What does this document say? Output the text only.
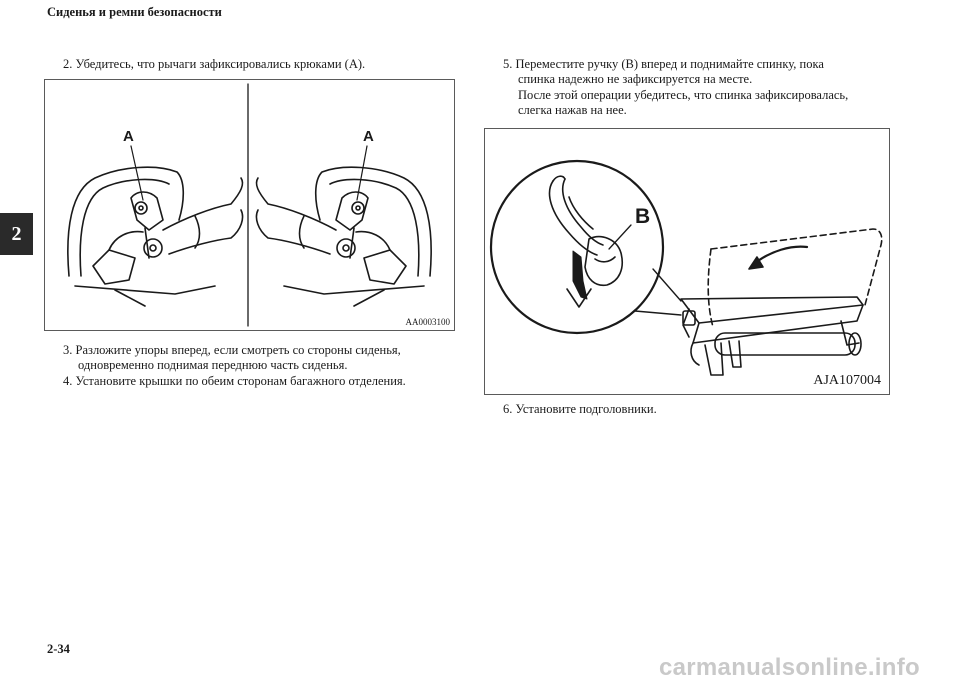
Сиденья и ремни безопасности
2
2. Убедитесь, что рычаги зафиксировались крюками (А).
A	A
AA0003100
3. Разложите упоры вперед, если смотреть со стороны сиденья,
одновременно поднимая переднюю часть сиденья.
4. Установите крышки по обеим сторонам багажного отделения.
5. Переместите ручку (B) вперед и поднимайте спинку, пока
спинка надежно не зафиксируется на месте.
После этой операции убедитесь, что спинка зафиксировалась,
слегка нажав на нее.
B
AJA107004
6. Установите подголовники.
2-34
carmanualsonline.info
